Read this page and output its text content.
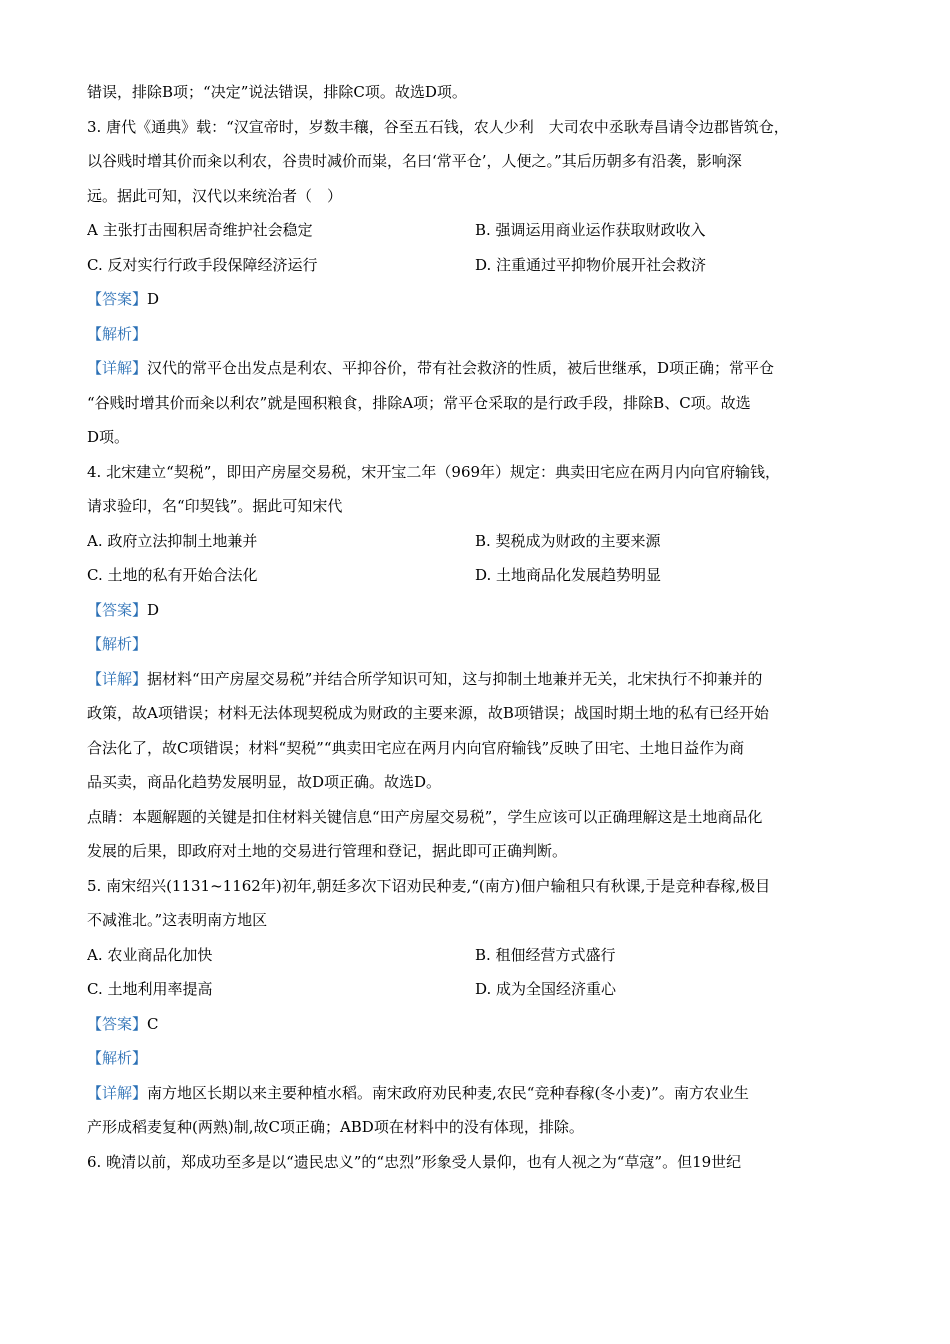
错误，排除B项；“决定”说法错误，排除C项。故选D项。
3. 唐代《通典》载：“汉宣帝时，岁数丰穰，谷至五石钱，农人少利　大司农中丞耿寿昌请令边郡皆筑仓，
以谷贱时增其价而籴以利农，谷贵时减价而粜，名曰‘常平仓’，人便之。”其后历朝多有沿袭，影响深
远。据此可知，汉代以来统治者（　）
A 主张打击囤积居奇维护社会稳定	B. 强调运用商业运作获取财政收入
C. 反对实行行政手段保障经济运行	D. 注重通过平抑物价展开社会救济
【答案】D
【解析】
【详解】汉代的常平仓出发点是利农、平抑谷价，带有社会救济的性质，被后世继承，D项正确；常平仓
“谷贱时增其价而籴以利农”就是囤积粮食，排除A项；常平仓采取的是行政手段，排除B、C项。故选
D项。
4. 北宋建立“契税”，即田产房屋交易税，宋开宝二年（969年）规定：典卖田宅应在两月内向官府输钱，
请求验印，名“印契钱”。据此可知宋代
A. 政府立法抑制土地兼并	B. 契税成为财政的主要来源
C. 土地的私有开始合法化	D. 土地商品化发展趋势明显
【答案】D
【解析】
【详解】据材料“田产房屋交易税”并结合所学知识可知，这与抑制土地兼并无关，北宋执行不抑兼并的
政策，故A项错误；材料无法体现契税成为财政的主要来源，故B项错误；战国时期土地的私有已经开始
合法化了，故C项错误；材料“契税”“典卖田宅应在两月内向官府输钱”反映了田宅、土地日益作为商
品买卖，商品化趋势发展明显，故D项正确。故选D。
点睛：本题解题的关键是扣住材料关键信息“田产房屋交易税”，学生应该可以正确理解这是土地商品化
发展的后果，即政府对土地的交易进行管理和登记，据此即可正确判断。
5. 南宋绍兴(1131~1162年)初年,朝廷多次下诏劝民种麦,“(南方)佃户输租只有秋课,于是竞种春稼,极目
不减淮北。”这表明南方地区
A. 农业商品化加快	B. 租佃经营方式盛行
C. 土地利用率提高	D. 成为全国经济重心
【答案】C
【解析】
【详解】南方地区长期以来主要种植水稻。南宋政府劝民种麦,农民“竞种春稼(冬小麦)”。南方农业生
产形成稻麦复种(两熟)制,故C项正确；ABD项在材料中的没有体现，排除。
6. 晚清以前，郑成功至多是以“遗民忠义”的“忠烈”形象受人景仰，也有人视之为“草寇”。但19世纪
